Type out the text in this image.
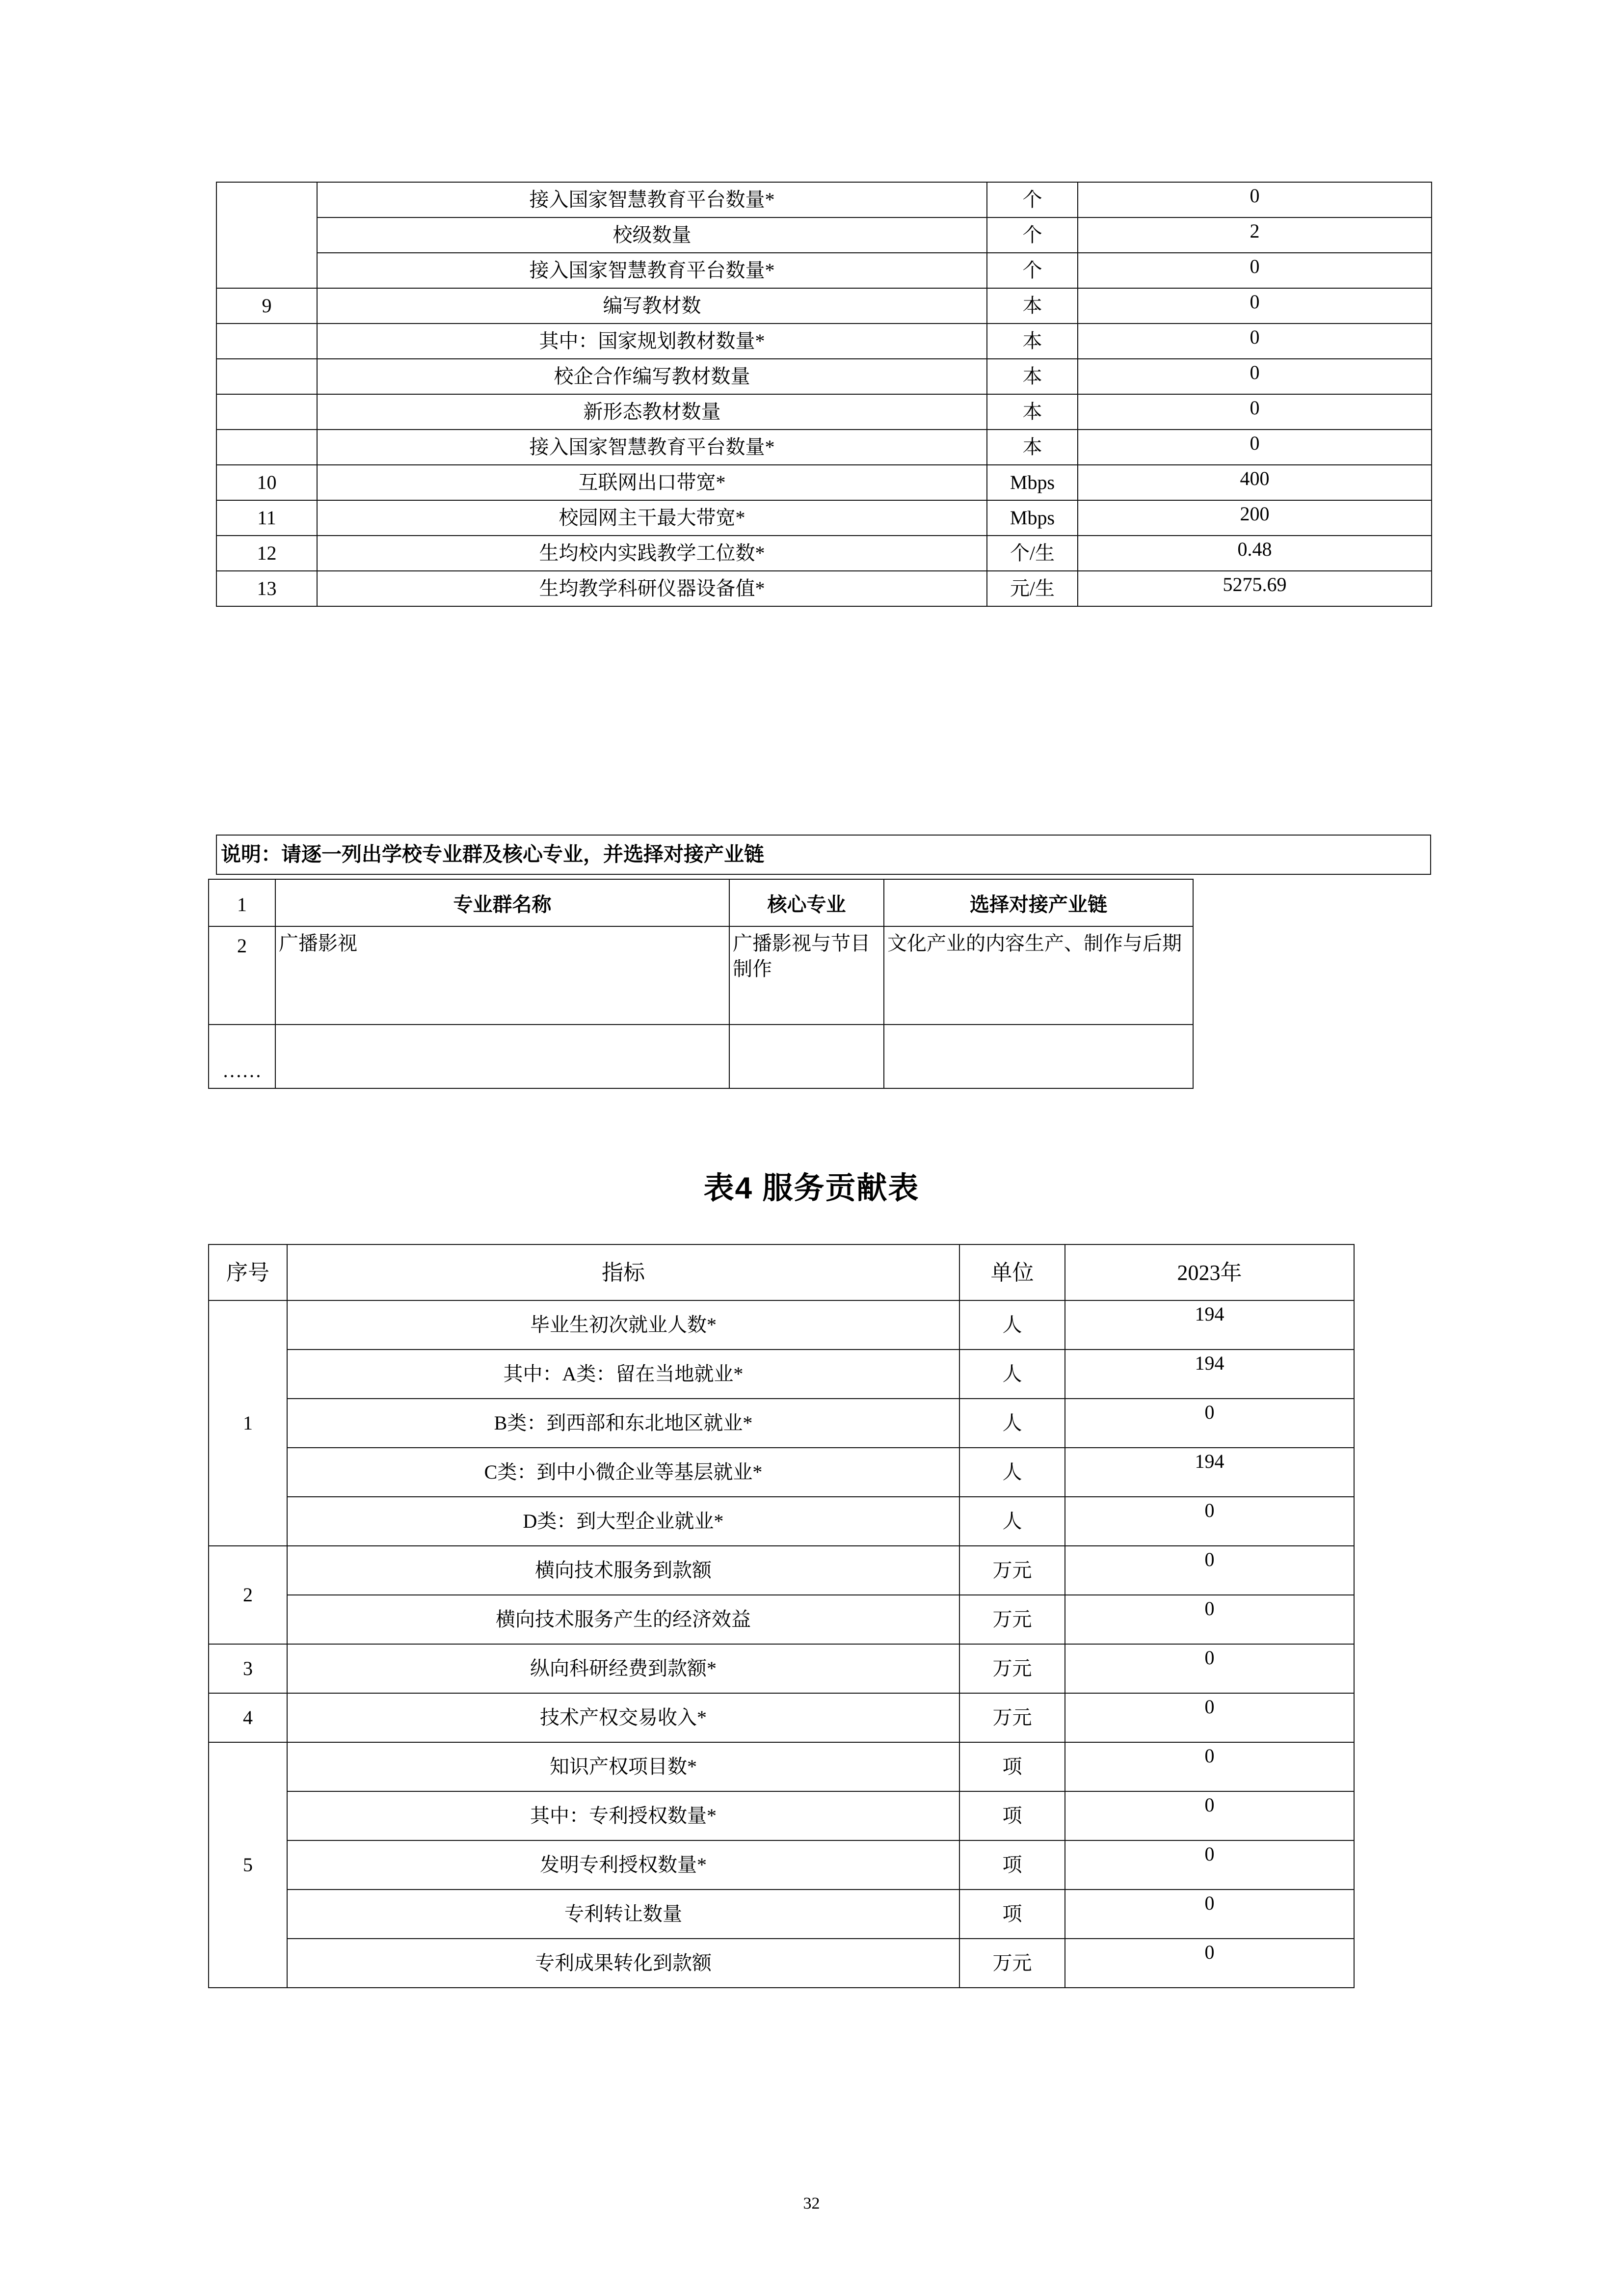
	接入国家智慧教育平台数量*	个	0
	校级数量	个	2
	接入国家智慧教育平台数量*	个	0
9	编写教材数	本	0
	其中：国家规划教材数量*	本	0
	校企合作编写教材数量	本	0
	新形态教材数量	本	0
	接入国家智慧教育平台数量*	本	0
10	互联网出口带宽*	Mbps	400
11	校园网主干最大带宽*	Mbps	200
12	生均校内实践教学工位数*	个/生	0.48
13	生均教学科研仪器设备值*	元/生	5275.69
说明：请逐一列出学校专业群及核心专业，并选择对接产业链
1	专业群名称	核心专业	选择对接产业链
2	广播影视	广播影视与节目制作	文化产业的内容生产、制作与后期
……			
表4 服务贡献表
序号	指标	单位	2023年
1	毕业生初次就业人数*	人	194
	其中：A类：留在当地就业*	人	194
	B类：到西部和东北地区就业*	人	0
	C类：到中小微企业等基层就业*	人	194
	D类：到大型企业就业*	人	0
2	横向技术服务到款额	万元	0
	横向技术服务产生的经济效益	万元	0
3	纵向科研经费到款额*	万元	0
4	技术产权交易收入*	万元	0
5	知识产权项目数*	项	0
	其中：专利授权数量*	项	0
	发明专利授权数量*	项	0
	专利转让数量	项	0
	专利成果转化到款额	万元	0
32
